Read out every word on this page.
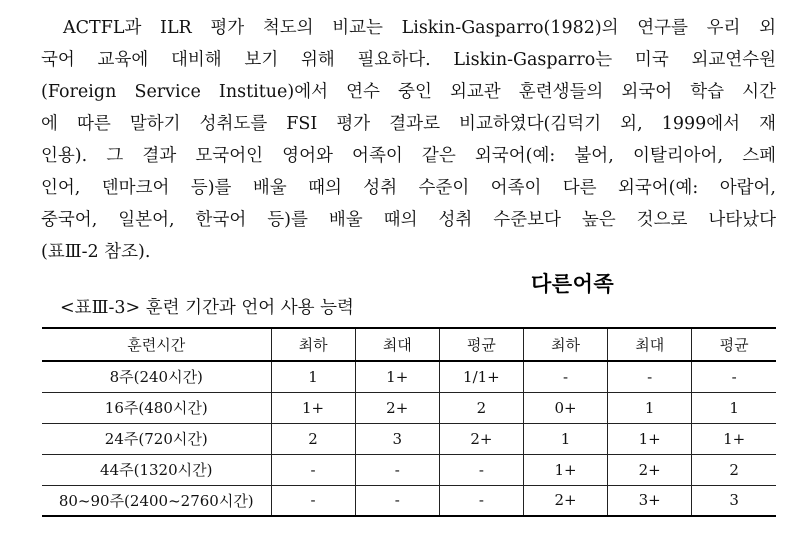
ACTFL과 ILR 평가 척도의 비교는 Liskin-Gasparro(1982)의 연구를 우리 외
국어 교육에 대비해 보기 위해 필요하다. Liskin-Gasparro는 미국 외교연수원
(Foreign Service Institue)에서 연수 중인 외교관 훈련생들의 외국어 학습 시간
에 따른 말하기 성취도를 FSI 평가 결과로 비교하였다(김덕기 외, 1999에서 재
인용). 그 결과 모국어인 영어와 어족이 같은 외국어(예: 불어, 이탈리아어, 스페
인어, 덴마크어 등)를 배울 때의 성취 수준이 어족이 다른 외국어(예: 아랍어,
중국어, 일본어, 한국어 등)를 배울 때의 성취 수준보다 높은 것으로 나타났다
(표Ⅲ-2 참조).
다른어족
<표Ⅲ-3> 훈련 기간과 언어 사용 능력
훈련시간	최하	최대	평균	최하	최대	평균
8주(240시간)	1	1+	1/1+	-	-	-
16주(480시간)	1+	2+	2	0+	1	1
24주(720시간)	2	3	2+	1	1+	1+
44주(1320시간)	-	-	-	1+	2+	2
80~90주(2400~2760시간)	-	-	-	2+	3+	3
